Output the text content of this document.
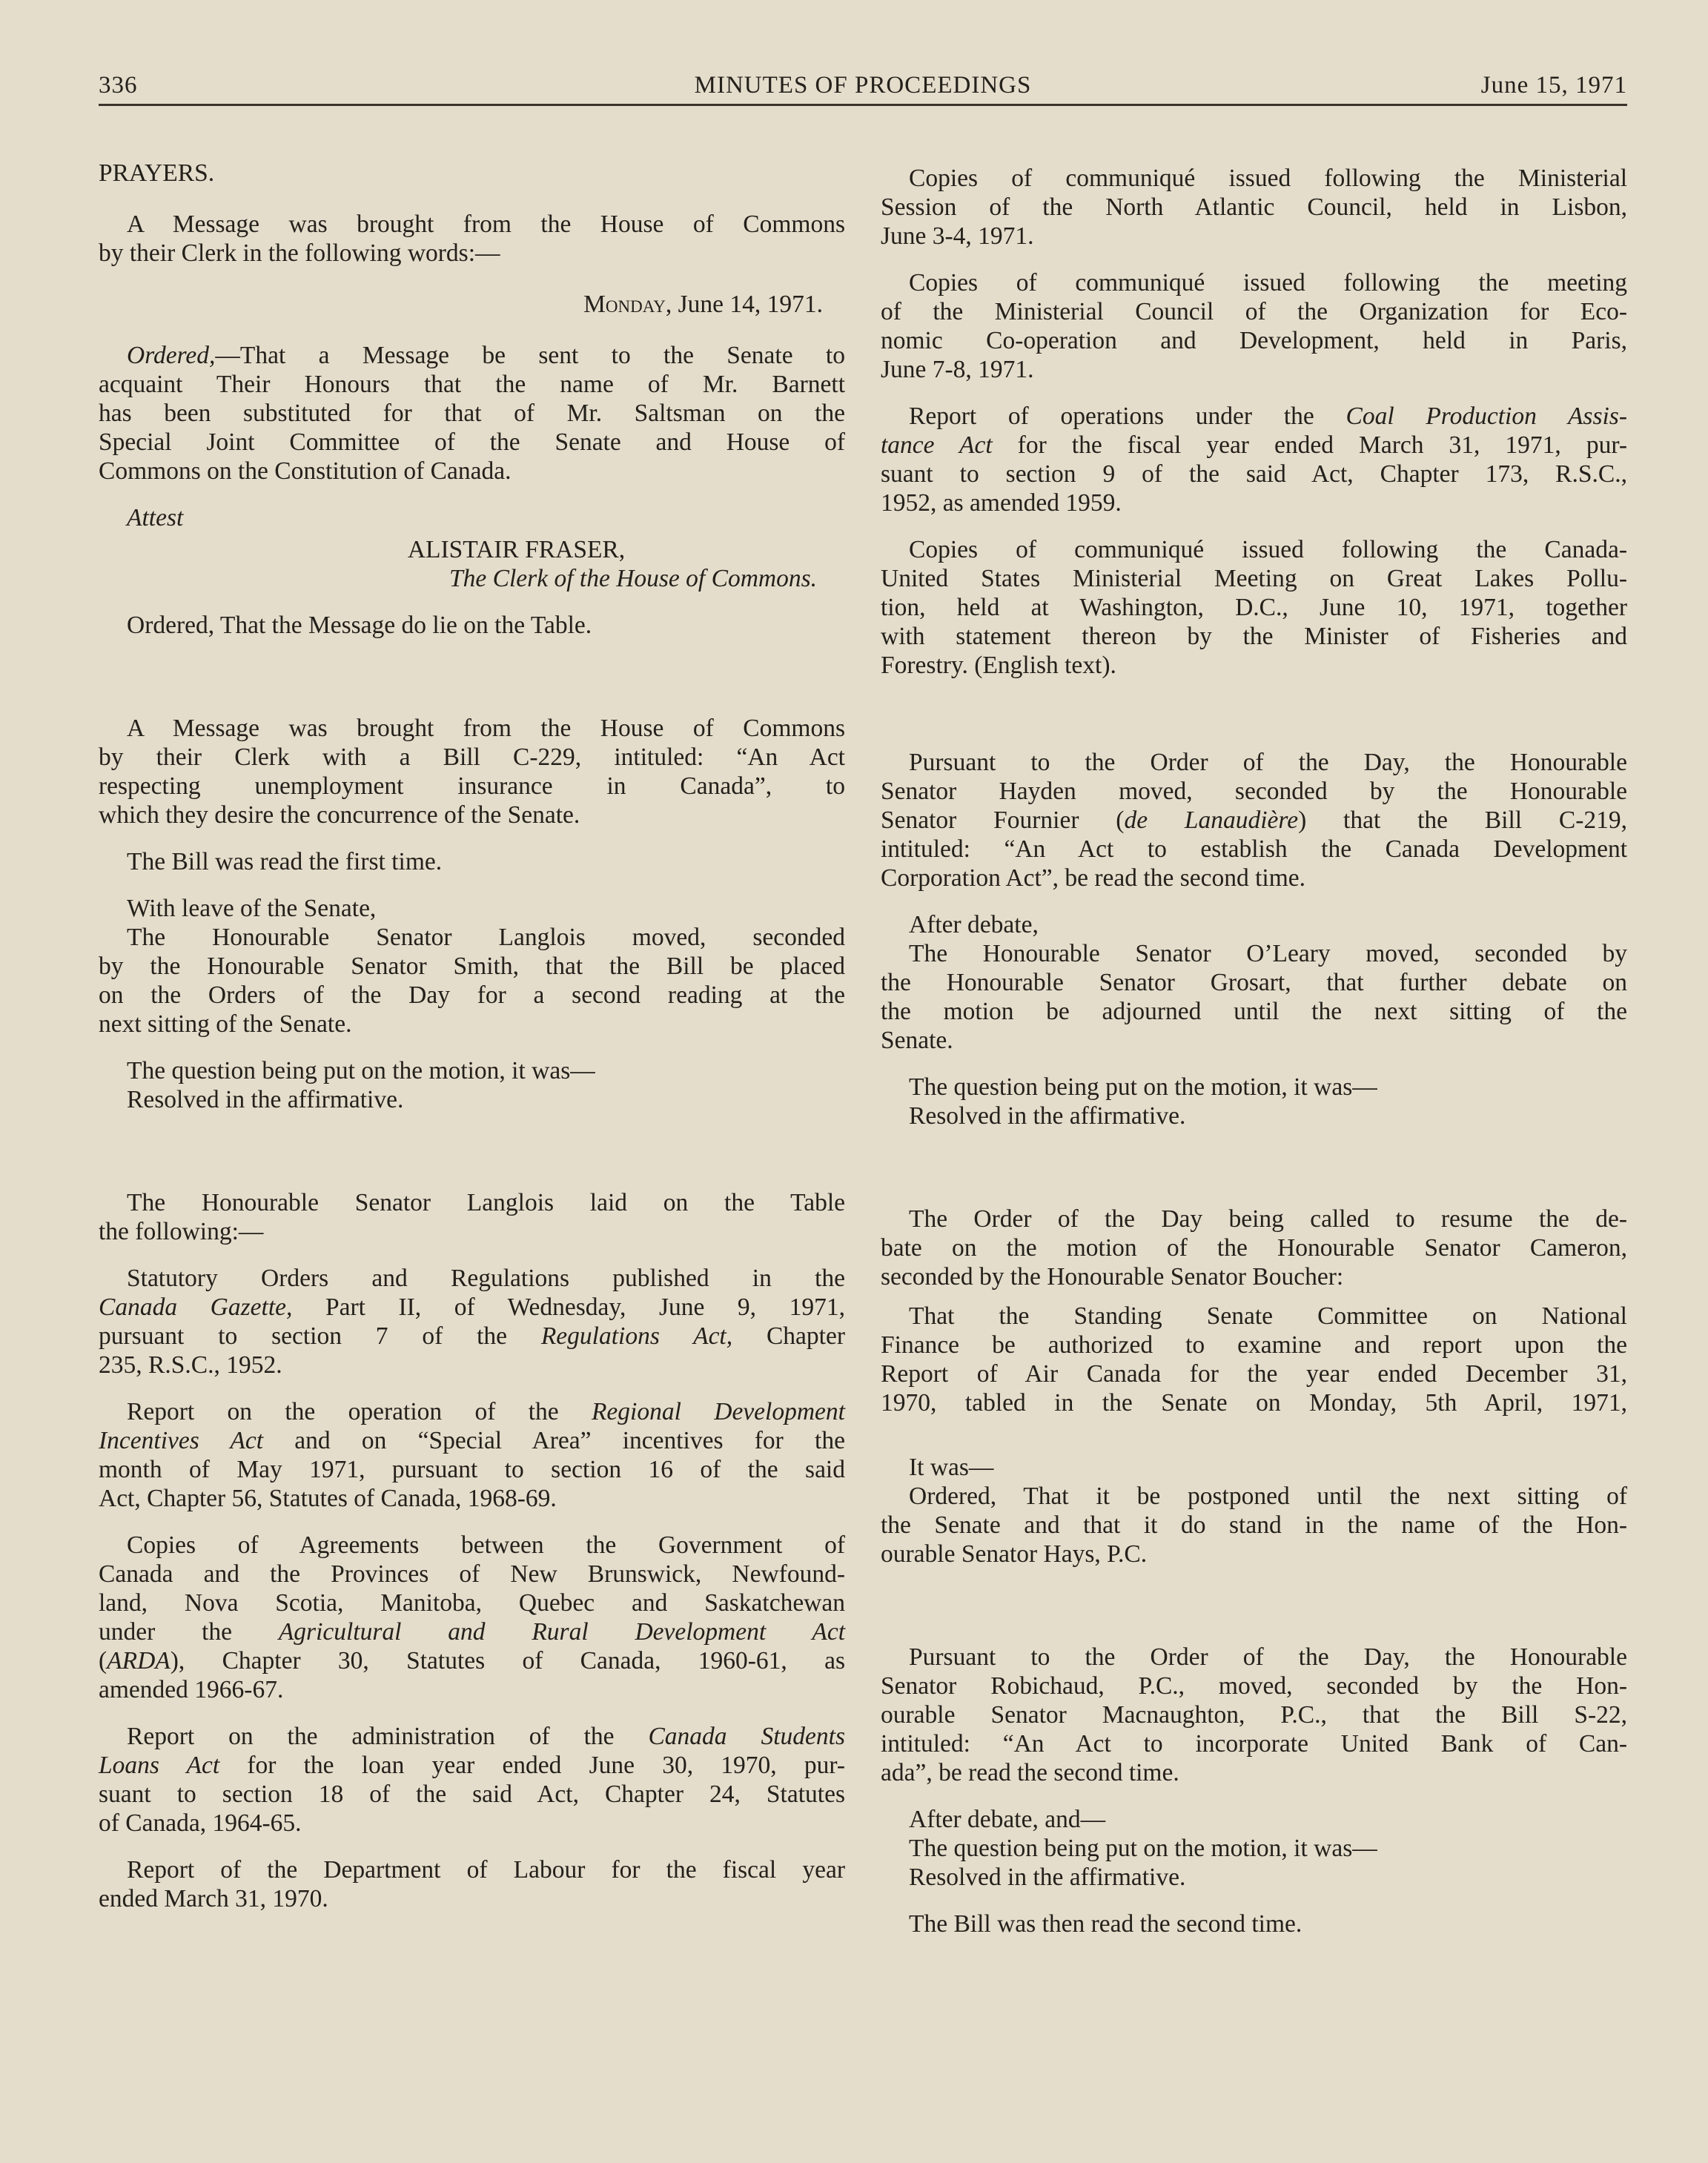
336	MINUTES OF PROCEEDINGS	June 15, 1971

PRAYERS.

A Message was brought from the House of Commons

by their Clerk in the following words:—

Monday, June 14, 1971.

Ordered,—That a Message be sent to the Senate to

acquaint Their Honours that the name of Mr. Barnett

has been substituted for that of Mr. Saltsman on the

Special Joint Committee of the Senate and House of

Commons on the Constitution of Canada.

Attest

ALISTAIR FRASER,

The Clerk of the House of Commons.

Ordered, That the Message do lie on the Table.

A Message was brought from the House of Commons

by their Clerk with a Bill C-229, intituled: “An Act

respecting unemployment insurance in Canada”, to

which they desire the concurrence of the Senate.

The Bill was read the first time.

With leave of the Senate,

The Honourable Senator Langlois moved, seconded

by the Honourable Senator Smith, that the Bill be placed

on the Orders of the Day for a second reading at the

next sitting of the Senate.

The question being put on the motion, it was—

Resolved in the affirmative.

The Honourable Senator Langlois laid on the Table

the following:—

Statutory Orders and Regulations published in the

Canada Gazette, Part II, of Wednesday, June 9, 1971,

pursuant to section 7 of the Regulations Act, Chapter

235, R.S.C., 1952.

Report on the operation of the Regional Development

Incentives Act and on “Special Area” incentives for the

month of May 1971, pursuant to section 16 of the said

Act, Chapter 56, Statutes of Canada, 1968-69.

Copies of Agreements between the Government of

Canada and the Provinces of New Brunswick, Newfound-

land, Nova Scotia, Manitoba, Quebec and Saskatchewan

under the Agricultural and Rural Development Act

(ARDA), Chapter 30, Statutes of Canada, 1960-61, as

amended 1966-67.

Report on the administration of the Canada Students

Loans Act for the loan year ended June 30, 1970, pur-

suant to section 18 of the said Act, Chapter 24, Statutes

of Canada, 1964-65.

Report of the Department of Labour for the fiscal year

ended March 31, 1970.

Copies of communiqué issued following the Ministerial

Session of the North Atlantic Council, held in Lisbon,

June 3-4, 1971.

Copies of communiqué issued following the meeting

of the Ministerial Council of the Organization for Eco-

nomic Co-operation and Development, held in Paris,

June 7-8, 1971.

Report of operations under the Coal Production Assis-

tance Act for the fiscal year ended March 31, 1971, pur-

suant to section 9 of the said Act, Chapter 173, R.S.C.,

1952, as amended 1959.

Copies of communiqué issued following the Canada-

United States Ministerial Meeting on Great Lakes Pollu-

tion, held at Washington, D.C., June 10, 1971, together

with statement thereon by the Minister of Fisheries and

Forestry. (English text).

Pursuant to the Order of the Day, the Honourable

Senator Hayden moved, seconded by the Honourable

Senator Fournier (de Lanaudière) that the Bill C-219,

intituled: “An Act to establish the Canada Development

Corporation Act”, be read the second time.

After debate,

The Honourable Senator O’Leary moved, seconded by

the Honourable Senator Grosart, that further debate on

the motion be adjourned until the next sitting of the

Senate.

The question being put on the motion, it was—

Resolved in the affirmative.

The Order of the Day being called to resume the de-

bate on the motion of the Honourable Senator Cameron,

seconded by the Honourable Senator Boucher:

That the Standing Senate Committee on National

Finance be authorized to examine and report upon the

Report of Air Canada for the year ended December 31,

1970, tabled in the Senate on Monday, 5th April, 1971,

It was—

Ordered, That it be postponed until the next sitting of

the Senate and that it do stand in the name of the Hon-

ourable Senator Hays, P.C.

Pursuant to the Order of the Day, the Honourable

Senator Robichaud, P.C., moved, seconded by the Hon-

ourable Senator Macnaughton, P.C., that the Bill S-22,

intituled: “An Act to incorporate United Bank of Can-

ada”, be read the second time.

After debate, and—

The question being put on the motion, it was—

Resolved in the affirmative.

The Bill was then read the second time.
